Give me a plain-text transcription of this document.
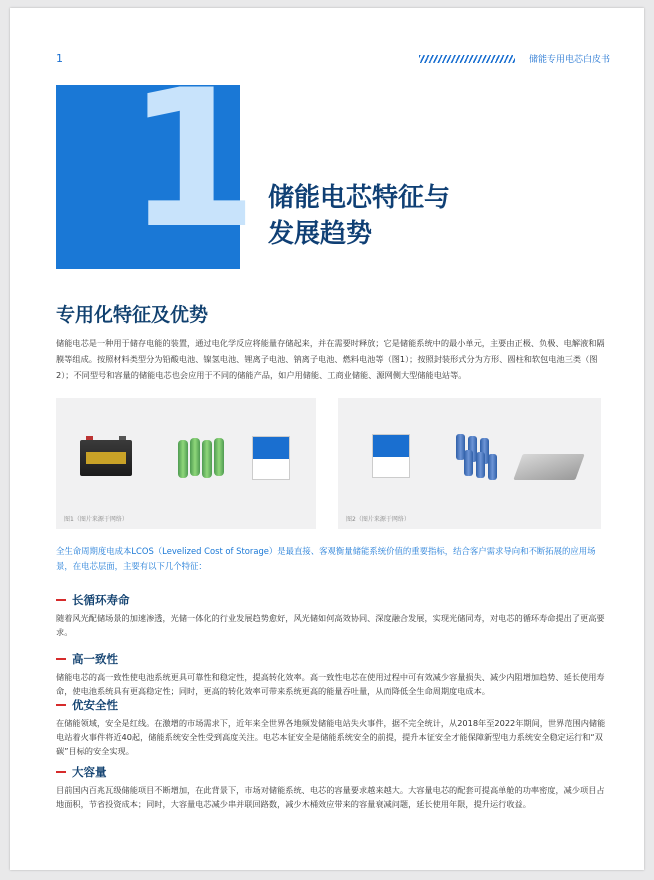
1	储能专用电芯白皮书
1 储能电芯特征与
发展趋势
专用化特征及优势
储能电芯是一种用于储存电能的装置，通过电化学反应将能量存储起来，并在需要时释放；它是储能系统中的最小单元，主要由正极、负极、电解液和隔膜等组成。按照材料类型分为铅酸电池、镍氢电池、锂离子电池、钠离子电池、燃料电池等（图1）；按照封装形式分为方形、圆柱和软包电池三类（图2）；不同型号和容量的储能电芯也会应用于不同的储能产品，如户用储能、工商业储能、源网侧大型储能电站等。
图1（图片来源于网络）	图2（图片来源于网络）
全生命周期度电成本LCOS（Levelized Cost of Storage）是最直接、客观衡量储能系统价值的重要指标，结合客户需求导向和不断拓展的应用场景，在电芯层面，主要有以下几个特征：
长循环寿命
随着风光配储场景的加速渗透，光储一体化的行业发展趋势愈好，风光储如何高效协同、深度融合发展，实现光储同寿，对电芯的循环寿命提出了更高要求。
高一致性
储能电芯的高一致性使电池系统更具可靠性和稳定性，提高转化效率。高一致性电芯在使用过程中可有效减少容量损失、减少内阻增加趋势、延长使用寿命，使电池系统具有更高稳定性；同时，更高的转化效率可带来系统更高的能量吞吐量，从而降低全生命周期度电成本。
优安全性
在储能领域，安全是红线。在激增的市场需求下，近年来全世界各地频发储能电站失火事件，据不完全统计，从2018年至2022年期间，世界范围内储能电站着火事件将近40起，储能系统安全性受到高度关注。电芯本征安全是储能系统安全的前提，提升本征安全才能保障新型电力系统安全稳定运行和“双碳”目标的安全实现。
大容量
目前国内百兆瓦级储能项目不断增加，在此背景下，市场对储能系统、电芯的容量要求越来越大。大容量电芯的配套可提高单舱的功率密度，减少项目占地面积，节省投资成本；同时，大容量电芯减少串并联回路数，减少木桶效应带来的容量衰减问题，延长使用年限，提升运行收益。
